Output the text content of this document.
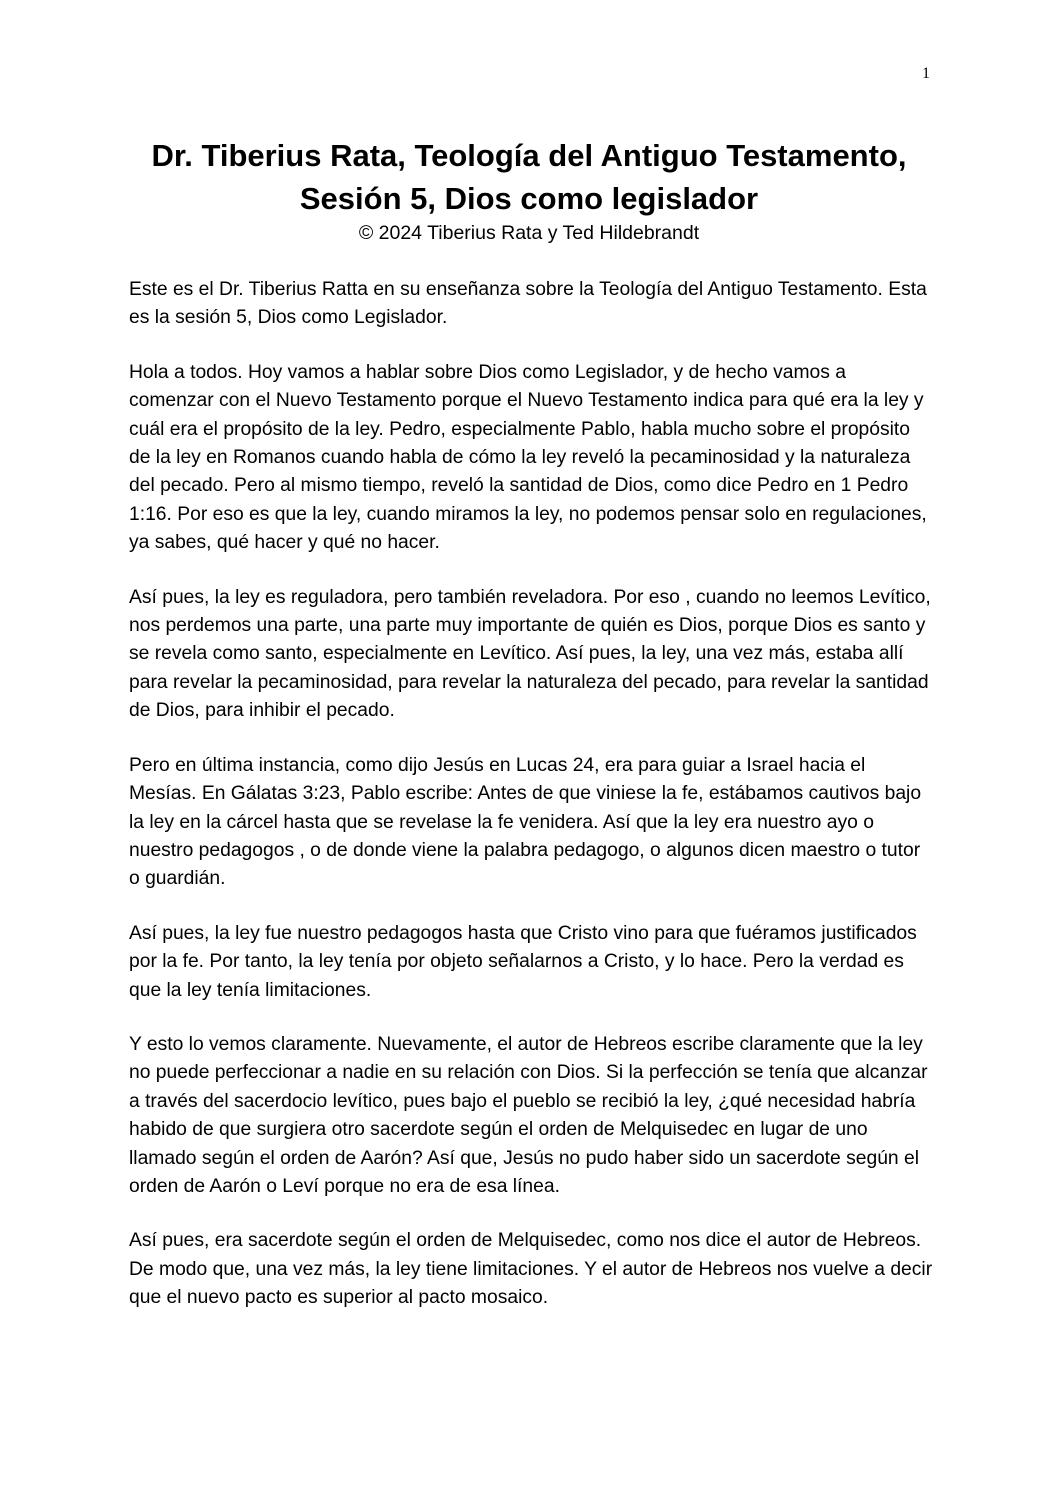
1
Dr. Tiberius Rata, Teología del Antiguo Testamento,
Sesión 5, Dios como legislador
© 2024 Tiberius Rata y Ted Hildebrandt

Este es el Dr. Tiberius Ratta en su enseñanza sobre la Teología del Antiguo Testamento. Esta es la sesión 5, Dios como Legislador.

Hola a todos. Hoy vamos a hablar sobre Dios como Legislador, y de hecho vamos a comenzar con el Nuevo Testamento porque el Nuevo Testamento indica para qué era la ley y cuál era el propósito de la ley. Pedro, especialmente Pablo, habla mucho sobre el propósito de la ley en Romanos cuando habla de cómo la ley reveló la pecaminosidad y la naturaleza del pecado. Pero al mismo tiempo, reveló la santidad de Dios, como dice Pedro en 1 Pedro 1:16. Por eso es que la ley, cuando miramos la ley, no podemos pensar solo en regulaciones, ya sabes, qué hacer y qué no hacer.

Así pues, la ley es reguladora, pero también reveladora. Por eso , cuando no leemos Levítico, nos perdemos una parte, una parte muy importante de quién es Dios, porque Dios es santo y se revela como santo, especialmente en Levítico. Así pues, la ley, una vez más, estaba allí para revelar la pecaminosidad, para revelar la naturaleza del pecado, para revelar la santidad de Dios, para inhibir el pecado.

Pero en última instancia, como dijo Jesús en Lucas 24, era para guiar a Israel hacia el Mesías. En Gálatas 3:23, Pablo escribe: Antes de que viniese la fe, estábamos cautivos bajo la ley en la cárcel hasta que se revelase la fe venidera. Así que la ley era nuestro ayo o nuestro pedagogos , o de donde viene la palabra pedagogo, o algunos dicen maestro o tutor o guardián.

Así pues, la ley fue nuestro pedagogos hasta que Cristo vino para que fuéramos justificados por la fe. Por tanto, la ley tenía por objeto señalarnos a Cristo, y lo hace. Pero la verdad es que la ley tenía limitaciones.

Y esto lo vemos claramente. Nuevamente, el autor de Hebreos escribe claramente que la ley no puede perfeccionar a nadie en su relación con Dios. Si la perfección se tenía que alcanzar a través del sacerdocio levítico, pues bajo el pueblo se recibió la ley, ¿qué necesidad habría habido de que surgiera otro sacerdote según el orden de Melquisedec en lugar de uno llamado según el orden de Aarón? Así que, Jesús no pudo haber sido un sacerdote según el orden de Aarón o Leví porque no era de esa línea.

Así pues, era sacerdote según el orden de Melquisedec, como nos dice el autor de Hebreos. De modo que, una vez más, la ley tiene limitaciones. Y el autor de Hebreos nos vuelve a decir que el nuevo pacto es superior al pacto mosaico.
